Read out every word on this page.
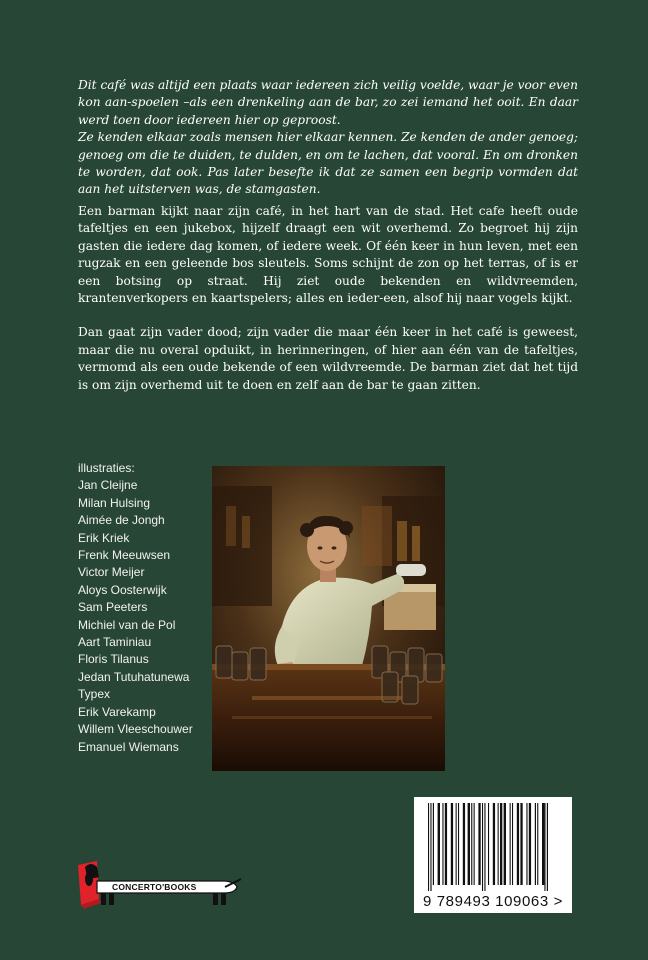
Dit café was altijd een plaats waar iedereen zich veilig voelde, waar je voor even kon aan-spoelen –als een drenkeling aan de bar, zo zei iemand het ooit. En daar werd toen door iedereen hier op geproost.

Ze kenden elkaar zoals mensen hier elkaar kennen. Ze kenden de ander genoeg; genoeg om die te duiden, te dulden, en om te lachen, dat vooral. En om dronken te worden, dat ook. Pas later besefte ik dat ze samen een begrip vormden dat aan het uitsterven was, de stamgasten.

Een barman kijkt naar zijn café, in het hart van de stad. Het cafe heeft oude tafeltjes en een jukebox, hijzelf draagt een wit overhemd. Zo begroet hij zijn gasten die iedere dag komen, of iedere week. Of één keer in hun leven, met een rugzak en een geleende bos sleutels. Soms schijnt de zon op het terras, of is er een botsing op straat. Hij ziet oude bekenden en wildvreemden, krantenverkopers en kaartspelers; alles en ieder-een, alsof hij naar vogels kijkt.

Dan gaat zijn vader dood; zijn vader die maar één keer in het café is geweest, maar die nu overal opduikt, in herinneringen, of hier aan één van de tafeltjes, vermomd als een oude bekende of een wildvreemde. De barman ziet dat het tijd is om zijn overhemd uit te doen en zelf aan de bar te gaan zitten.

illustraties:
Jan Cleijne
Milan Hulsing
Aimée de Jongh
Erik Kriek
Frenk Meeuwsen
Victor Meijer
Aloys Oosterwijk
Sam Peeters
Michiel van de Pol
Aart Taminiau
Floris Tilanus
Jedan Tutuhatunewa
Typex
Erik Varekamp
Willem Vleeschouwer
Emanuel Wiemans
9 789493 109063 >
CONCERTO'BOOKS
